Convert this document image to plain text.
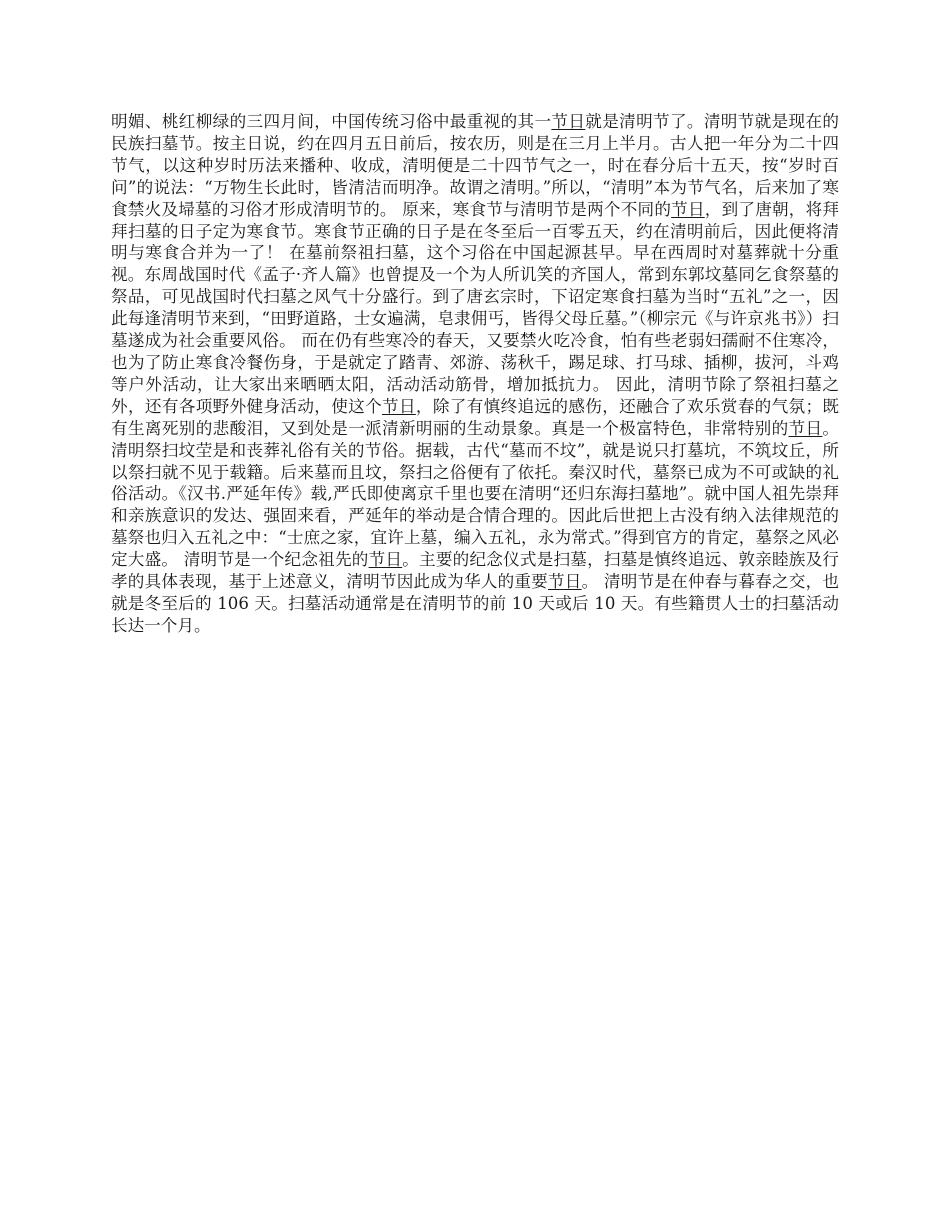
明媚、桃红柳绿的三四月间，中国传统习俗中最重视的其一节日就是清明节了。清明节就是现在的民族扫墓节。按主日说，约在四月五日前后，按农历，则是在三月上半月。古人把一年分为二十四节气，以这种岁时历法来播种、收成，清明便是二十四节气之一，时在春分后十五天，按“岁时百问”的说法：“万物生长此时，皆清洁而明净。故谓之清明。”所以，“清明”本为节气名，后来加了寒食禁火及埽墓的习俗才形成清明节的。 原来，寒食节与清明节是两个不同的节日，到了唐朝，将拜拜扫墓的日子定为寒食节。寒食节正确的日子是在冬至后一百零五天，约在清明前后，因此便将清明与寒食合并为一了！ 在墓前祭祖扫墓，这个习俗在中国起源甚早。早在西周时对墓葬就十分重视。东周战国时代《孟子·齐人篇》也曾提及一个为人所讥笑的齐国人，常到东郭坟墓同乞食祭墓的祭品，可见战国时代扫墓之风气十分盛行。到了唐玄宗时，下诏定寒食扫墓为当时“五礼”之一，因此每逢清明节来到，“田野道路，士女遍满，皂隶佣丐，皆得父母丘墓。”（柳宗元《与许京兆书》）扫墓遂成为社会重要风俗。 而在仍有些寒冷的春天，又要禁火吃冷食，怕有些老弱妇孺耐不住寒冷，也为了防止寒食冷餐伤身，于是就定了踏青、郊游、荡秋千，踢足球、打马球、插柳，拔河，斗鸡等户外活动，让大家出来晒晒太阳，活动活动筋骨，增加抵抗力。 因此，清明节除了祭祖扫墓之外，还有各项野外健身活动，使这个节日，除了有慎终追远的感伤，还融合了欢乐赏春的气氛；既有生离死别的悲酸泪，又到处是一派清新明丽的生动景象。真是一个极富特色，非常特别的节日。 清明祭扫坟茔是和丧葬礼俗有关的节俗。据载，古代“墓而不坟”，就是说只打墓坑，不筑坟丘，所以祭扫就不见于载籍。后来墓而且坟，祭扫之俗便有了依托。秦汉时代，墓祭已成为不可或缺的礼俗活动。《汉书.严延年传》载,严氏即使离京千里也要在清明“还归东海扫墓地”。就中国人祖先崇拜和亲族意识的发达、强固来看，严延年的举动是合情合理的。因此后世把上古没有纳入法律规范的墓祭也归入五礼之中：“士庶之家，宜许上墓，编入五礼，永为常式。”得到官方的肯定，墓祭之风必定大盛。 清明节是一个纪念祖先的节日。主要的纪念仪式是扫墓，扫墓是慎终追远、敦亲睦族及行孝的具体表现，基于上述意义，清明节因此成为华人的重要节日。 清明节是在仲春与暮春之交，也就是冬至后的 106 天。扫墓活动通常是在清明节的前 10 天或后 10 天。有些籍贯人士的扫墓活动长达一个月。
